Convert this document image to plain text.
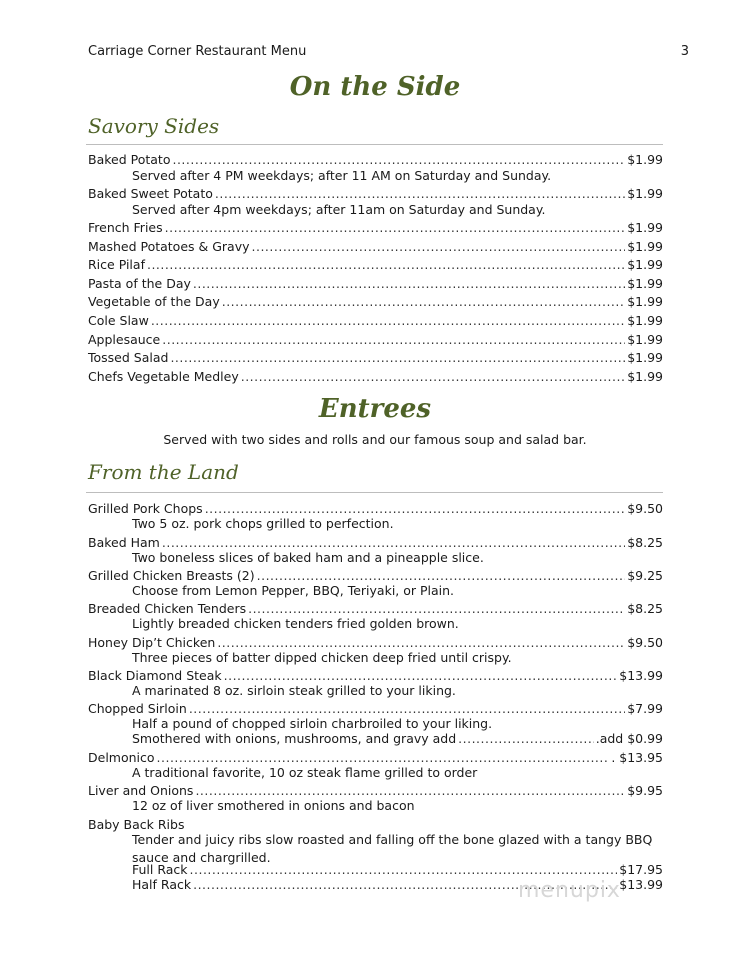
Carriage Corner Restaurant Menu	3
On the Side
Savory Sides
Baked Potato .....	$1.99
Served after 4 PM weekdays; after 11 AM on Saturday and Sunday.
Baked Sweet Potato .....	$1.99
Served after 4pm weekdays; after 11am on Saturday and Sunday.
French Fries .....	$1.99
Mashed Potatoes & Gravy .....	$1.99
Rice Pilaf .....	$1.99
Pasta of the Day .....	$1.99
Vegetable of the Day .....	$1.99
Cole Slaw .....	$1.99
Applesauce .....	$1.99
Tossed Salad .....	$1.99
Chefs Vegetable Medley .....	$1.99
Entrees
Served with two sides and rolls and our famous soup and salad bar.
From the Land
Grilled Pork Chops .....	$9.50
Two 5 oz. pork chops grilled to perfection.
Baked Ham .....	$8.25
Two boneless slices of baked ham and a pineapple slice.
Grilled Chicken Breasts (2) .....	$9.25
Choose from Lemon Pepper, BBQ, Teriyaki, or Plain.
Breaded Chicken Tenders .....	$8.25
Lightly breaded chicken tenders fried golden brown.
Honey Dip’t Chicken .....	$9.50
Three pieces of batter dipped chicken deep fried until crispy.
Black Diamond Steak .....	$13.99
A marinated 8 oz. sirloin steak grilled to your liking.
Chopped Sirloin .....	$7.99
Half a pound of chopped sirloin charbroiled to your liking.
Smothered with onions, mushrooms, and gravy add .....	.add $0.99
Delmonico .....	. $13.95
A traditional favorite, 10 oz steak flame grilled to order
Liver and Onions .....	$9.95
12 oz of liver smothered in onions and bacon
Baby Back Ribs
Tender and juicy ribs slow roasted and falling off the bone glazed with a tangy BBQ sauce and chargrilled.
Full Rack .....	$17.95
Half Rack .....	$13.99
menupix
